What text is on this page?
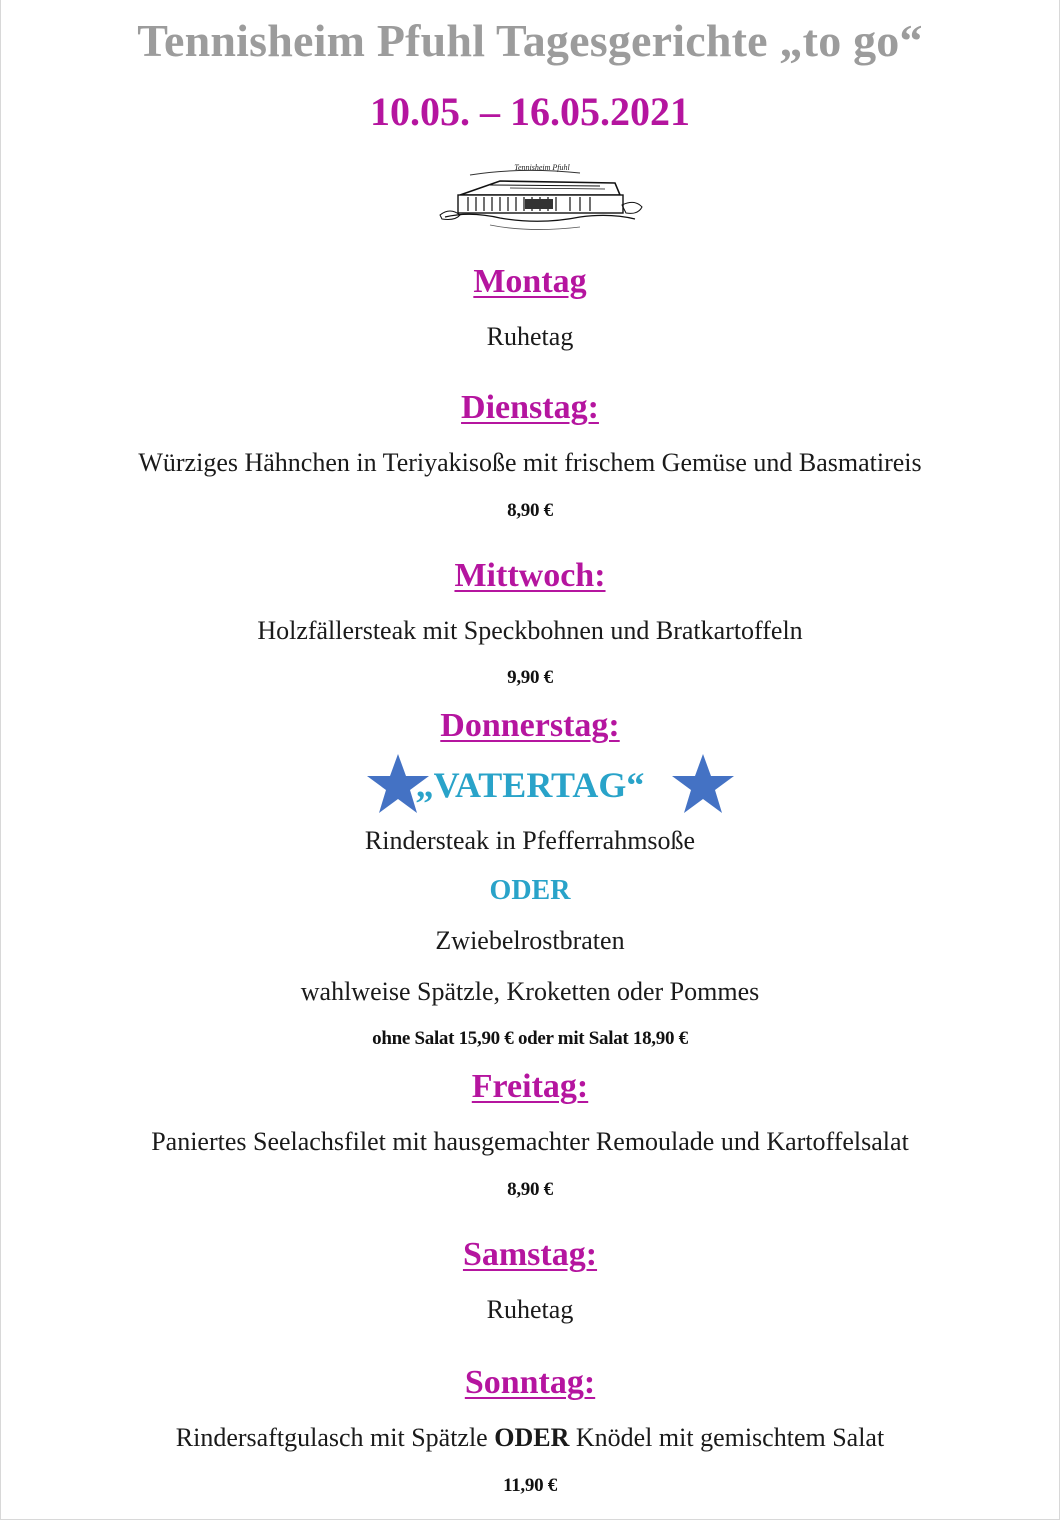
Tennisheim Pfuhl Tagesgerichte „to go“
10.05. – 16.05.2021
Tennisheim Pfuhl
Montag
Ruhetag
Dienstag:
Würziges Hähnchen in Teriyakisoße mit frischem Gemüse und Basmatireis
8,90 €
Mittwoch:
Holzfällersteak mit Speckbohnen und Bratkartoffeln
9,90 €
Donnerstag:
„VATERTAG“
Rindersteak in Pfefferrahmsoße
ODER
Zwiebelrostbraten
wahlweise Spätzle, Kroketten oder Pommes
ohne Salat 15,90 € oder mit Salat 18,90 €
Freitag:
Paniertes Seelachsfilet mit hausgemachter Remoulade und Kartoffelsalat
8,90 €
Samstag:
Ruhetag
Sonntag:
Rindersaftgulasch mit Spätzle ODER Knödel mit gemischtem Salat
11,90 €
